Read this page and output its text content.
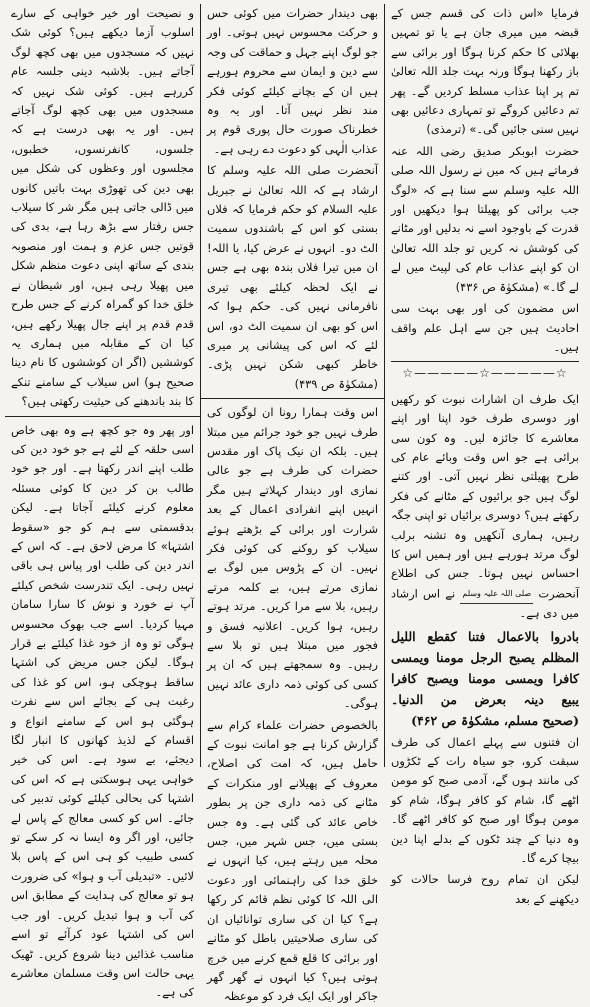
فرمایا «اس ذات کی قسم جس کے قبضہ میں میری جان ہے یا تو تمہیں بھلائی کا حکم کرنا ہوگا اور برائی سے باز رکھنا ہوگا ورنہ بہت جلد اللہ تعالیٰ تم پر اپنا عذاب مسلط کردیں گے۔ پھر تم دعائیں کروگے تو تمہاری دعائیں بھی نہیں سنی جائیں گی۔» (ترمذی)

حضرت ابوبکر صدیق رضی اللہ عنہ فرماتے ہیں کہ میں نے رسول اللہ صلی اللہ علیہ وسلم سے سنا ہے کہ «لوگ جب برائی کو پھیلتا ہوا دیکھیں اور قدرت کے باوجود اسے نہ بدلیں اور مٹانے کی کوشش نہ کریں تو جلد اللہ تعالیٰ ان کو اپنے عذاب عام کی لپیٹ میں لے لے گا۔» (مشکوٰۃ ص ۴۳۶)

اس مضمون کی اور بھی بہت سی احادیث ہیں جن سے اہل علم واقف ہیں۔

☆—————☆—————☆

ایک طرف ان اشارات نبوت کو رکھیں اور دوسری طرف خود اپنا اور اپنے معاشرے کا جائزہ لیں۔ وہ کون سی برائی ہے جو اس وقت وبائے عام کی طرح پھیلتی نظر نہیں آتی۔ اور کتنے لوگ ہیں جو برائیوں کے مٹانے کی فکر رکھتے ہیں؟ دوسری برائیاں تو اپنی جگہ رہیں، ہماری آنکھیں وہ تشنہ برلب لوگ مرتد ہورہے ہیں اور ہمیں اس کا احساس نہیں ہوتا۔ جس کی اطلاع آنحضرت صلی اللہ علیہ وسلم نے اس ارشاد میں دی ہے۔

بادروا بالاعمال فتنا کقطع اللیل المظلم یصبح الرجل مومنا ویمسی کافرا ویمسی مومنا ویصبح کافرا یبیع دینہ بعرض من الدنیا۔ (صحیح مسلم، مشکوٰۃ ص ۴۶۲)

ان فتنوں سے پہلے اعمال کی طرف سبقت کرو، جو سیاہ رات کے ٹکڑوں کی مانند ہوں گے، آدمی صبح کو مومن اٹھے گا، شام کو کافر ہوگا، شام کو مومن ہوگا اور صبح کو کافر اٹھے گا۔ وہ دنیا کے چند ٹکوں کے بدلے اپنا دین بیچا کرے گا۔

لیکن ان تمام روح فرسا حالات کو دیکھنے کے بعد

بھی دیندار حضرات میں کوئی حس و حرکت محسوس نہیں ہوتی۔ اور جو لوگ اپنے جہل و حماقت کی وجہ سے دین و ایمان سے محروم ہورہے ہیں ان کے بچانے کیلئے کوئی فکر مند نظر نہیں آتا۔ اور یہ وہ خطرناک صورت حال پوری قوم پر عذاب الٰہی کو دعوت دے رہی ہے۔

آنحضرت صلی اللہ علیہ وسلم کا ارشاد ہے کہ اللہ تعالیٰ نے جبریل علیہ السلام کو حکم فرمایا کہ فلاں بستی کو اس کے باشندوں سمیت الٹ دو۔ انہوں نے عرض کیا، یا اللہ! ان میں تیرا فلاں بندہ بھی ہے جس نے ایک لحظہ کیلئے بھی تیری نافرمانی نہیں کی۔ حکم ہوا کہ اس کو بھی ان سمیت الٹ دو، اس لئے کہ اس کی پیشانی پر میری خاطر کبھی شکن نہیں پڑی۔ (مشکوٰۃ ص ۴۳۹)

اس وقت ہمارا رونا ان لوگوں کی طرف نہیں جو خود جرائم میں مبتلا ہیں۔ بلکہ ان نیک پاک اور مقدس حضرات کی طرف ہے جو عالی نمازی اور دیندار کہلاتے ہیں مگر انہیں اپنے انفرادی اعمال کے بعد شرارت اور برائی کے بڑھتے ہوئے سیلاب کو روکنے کی کوئی فکر نہیں۔ ان کے پڑوس میں لوگ بے نمازی مرتے ہیں، بے کلمہ مرتے رہیں، بلا سے مرا کریں۔ مرتد ہوتے رہیں، ہوا کریں۔ اعلانیہ فسق و فجور میں مبتلا ہیں تو بلا سے رہیں۔ وہ سمجھتے ہیں کہ ان پر کسی کی کوئی ذمہ داری عائد نہیں ہوگی۔

بالخصوص حضرات علماء کرام سے گزارش کرنا ہے جو امانت نبوت کے حامل ہیں، کہ امت کی اصلاح، معروف کے پھیلانے اور منکرات کے مٹانے کی ذمہ داری جن پر بطور خاص عائد کی گئی ہے۔ وہ جس بستی میں، جس شہر میں، جس محلہ میں رہتے ہیں، کیا انہوں نے خلق خدا کی راہنمائی اور دعوت الی اللہ کا کوئی نظم قائم کر رکھا ہے؟ کیا ان کی ساری توانائیاں ان کی ساری صلاحیتیں باطل کو مٹانے اور برائی کا قلع قمع کرنے میں خرچ ہوتی ہیں؟ کیا انہوں نے گھر گھر جاکر اور ایک ایک فرد کو موعظہ

و نصیحت اور خیر خواہی کے سارے اسلوب آزما دیکھے ہیں؟ کوئی شک نہیں کہ مسجدوں میں بھی کچھ لوگ آجاتے ہیں۔ بلاشبہ دینی جلسہ عام کررہے ہیں۔ کوئی شک نہیں کہ مسجدوں میں بھی کچھ لوگ آجاتے ہیں۔ اور یہ بھی درست ہے کہ جلسوں، کانفرنسوں، خطبوں، مجلسوں اور وعظوں کی شکل میں بھی دین کی تھوڑی بہت باتیں کانوں میں ڈالی جاتی ہیں مگر شر کا سیلاب جس رفتار سے بڑھ رہا ہے، بدی کی قوتیں جس عزم و ہمت اور منصوبہ بندی کے ساتھ اپنی دعوت منظم شکل میں پھیلا رہی ہیں، اور شیطان نے خلق خدا کو گمراہ کرنے کے جس طرح قدم قدم پر اپنے جال پھیلا رکھے ہیں، کیا ان کے مقابلہ میں ہماری یہ کوششیں (اگر ان کوششوں کا نام دینا صحیح ہو) اس سیلاب کے سامنے تنکے کا بند باندھنے کی حیثیت رکھتی ہیں؟

اور پھر وہ جو کچھ ہے وہ بھی خاص اسی حلقہ کے لئے ہے جو خود دین کی طلب اپنے اندر رکھتا ہے۔ اور جو خود طالب بن کر دین کا کوئی مسئلہ معلوم کرنے کیلئے آجاتا ہے۔ لیکن بدقسمتی سے ہم کو جو «سقوط اشتہا» کا مرض لاحق ہے۔ کہ اس کے اندر دین کی طلب اور پیاس ہی باقی نہیں رہی۔ ایک تندرست شخص کیلئے آپ نے خورد و نوش کا سارا سامان مہیا کردیا۔ اسے جب بھوک محسوس ہوگی تو وہ از خود غذا کیلئے بے قرار ہوگا۔ لیکن جس مریض کی اشتہا ساقط ہوچکی ہو، اس کو غذا کی رغبت ہی کے بجائے اس سے نفرت ہوگئی ہو اس کے سامنے انواع و اقسام کے لذیذ کھانوں کا انبار لگا دیجئے، بے سود ہے۔ اس کی خیر خواہی یہی ہوسکتی ہے کہ اس کی اشتہا کی بحالی کیلئے کوئی تدبیر کی جائے۔ اس کو کسی معالج کے پاس لے جائیں، اور اگر وہ ایسا نہ کر سکے تو کسی طبیب کو ہی اس کے پاس بلا لائیں۔ «تبدیلی آب و ہوا» کی ضرورت ہو تو معالج کی ہدایت کے مطابق اس کی آب و ہوا تبدیل کریں۔ اور جب اس کی اشتہا عود کرآئے تو اسے مناسب غذائیں دینا شروع کریں۔ ٹھیک یہی حالت اس وقت مسلمان معاشرے کی ہے۔
